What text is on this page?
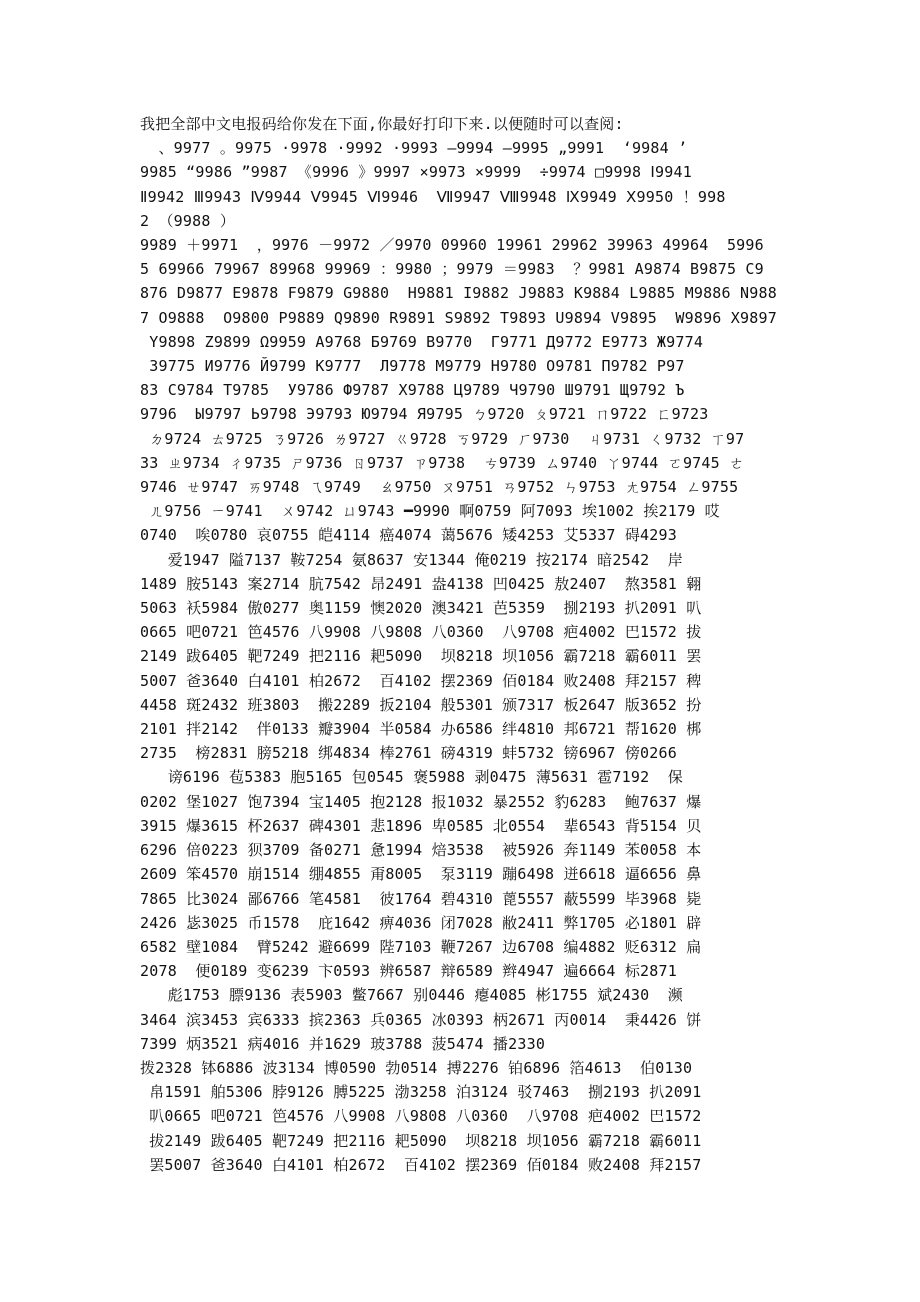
我把全部中文电报码给你发在下面,你最好打印下来.以便随时可以查阅:
、9977 。9975 ·9978 ·9992 ·9993 —9994 —9995 „9991  ‘9984 ’
9985 “9986 ”9987 《9996 》9997 ×9973 ×9999  ÷9974 □9998 Ⅰ9941
Ⅱ9942 Ⅲ9943 Ⅳ9944 Ⅴ9945 Ⅵ9946  Ⅶ9947 Ⅷ9948 Ⅸ9949 Ⅹ9950 ！998
2 （9988 ）
9989 ＋9971  ，9976 －9972 ／9970 09960 19961 29962 39963 49964  5996
5 69966 79967 89968 99969 ：9980 ；9979 ＝9983  ？9981 A9874 B9875 C9
876 D9877 E9878 F9879 G9880  H9881 I9882 J9883 K9884 L9885 M9886 N988
7 O9888  O9800 P9889 Q9890 R9891 S9892 T9893 U9894 V9895  W9896 X9897
Y9898 Z9899 Ω9959 А9768 Б9769 В9770  Г9771 Д9772 Е9773 Ж9774
З9775 И9776 Й9799 К9777  Л9778 М9779 Н9780 О9781 П9782 Р97
83 С9784 Т9785  У9786 Ф9787 Х9788 Ц9789 Ч9790 Ш9791 Щ9792 Ъ
9796  Ы9797 Ь9798 Э9793 Ю9794 Я9795 ㄅ9720 ㄆ9721 ㄇ9722 ㄈ9723
ㄉ9724 ㄊ9725 ㄋ9726 ㄌ9727 ㄍ9728 ㄎ9729 ㄏ9730  ㄐ9731 ㄑ9732 ㄒ97
33 ㄓ9734 ㄔ9735 ㄕ9736 ㄖ9737 ㄗ9738  ㄘ9739 ㄙ9740 ㄚ9744 ㄛ9745 ㄜ
9746 ㄝ9747 ㄞ9748 ㄟ9749  ㄠ9750 ㄡ9751 ㄢ9752 ㄣ9753 ㄤ9754 ㄥ9755
ㄦ9756 ㄧ9741  ㄨ9742 ㄩ9743 ━9990 啊0759 阿7093 埃1002 挨2179 哎
0740  唉0780 哀0755 皑4114 癌4074 蔼5676 矮4253 艾5337 碍4293
爱1947 隘7137 鞍7254 氨8637 安1344 俺0219 按2174 暗2542  岸
1489 胺5143 案2714 肮7542 昂2491 盎4138 凹0425 敖2407  熬3581 翱
5063 袄5984 傲0277 奥1159 懊2020 澳3421 芭5359  捌2193 扒2091 叭
0665 吧0721 笆4576 八9908 八9808 八0360  八9708 疤4002 巴1572 拔
2149 跋6405 靶7249 把2116 耙5090  坝8218 坝1056 霸7218 霸6011 罢
5007 爸3640 白4101 柏2672  百4102 摆2369 佰0184 败2408 拜2157 稗
4458 斑2432 班3803  搬2289 扳2104 般5301 颁7317 板2647 版3652 扮
2101 拌2142  伴0133 瓣3904 半0584 办6586 绊4810 邦6721 帮1620 梆
2735  榜2831 膀5218 绑4834 棒2761 磅4319 蚌5732 镑6967 傍0266
谤6196 苞5383 胞5165 包0545 褒5988 剥0475 薄5631 雹7192  保
0202 堡1027 饱7394 宝1405 抱2128 报1032 暴2552 豹6283  鲍7637 爆
3915 爆3615 杯2637 碑4301 悲1896 卑0585 北0554  辈6543 背5154 贝
6296 倍0223 狈3709 备0271 惫1994 焙3538  被5926 奔1149 苯0058 本
2609 笨4570 崩1514 绷4855 甭8005  泵3119 蹦6498 迸6618 逼6656 鼻
7865 比3024 鄙6766 笔4581  彼1764 碧4310 蓖5557 蔽5599 毕3968 毙
2426 毖3025 币1578  庇1642 痹4036 闭7028 敝2411 弊1705 必1801 辟
6582 壁1084  臂5242 避6699 陛7103 鞭7267 边6708 编4882 贬6312 扁
2078  便0189 变6239 卞0593 辨6587 辩6589 辫4947 遍6664 标2871
彪1753 膘9136 表5903 鳖7667 别0446 瘪4085 彬1755 斌2430  濒
3464 滨3453 宾6333 摈2363 兵0365 冰0393 柄2671 丙0014  秉4426 饼
7399 炳3521 病4016 并1629 玻3788 菠5474 播2330
拨2328 钵6886 波3134 博0590 勃0514 搏2276 铂6896 箔4613  伯0130
帛1591 舶5306 脖9126 膊5225 渤3258 泊3124 驳7463  捌2193 扒2091
叭0665 吧0721 笆4576 八9908 八9808 八0360  八9708 疤4002 巴1572
拔2149 跋6405 靶7249 把2116 耙5090  坝8218 坝1056 霸7218 霸6011
罢5007 爸3640 白4101 柏2672  百4102 摆2369 佰0184 败2408 拜2157
